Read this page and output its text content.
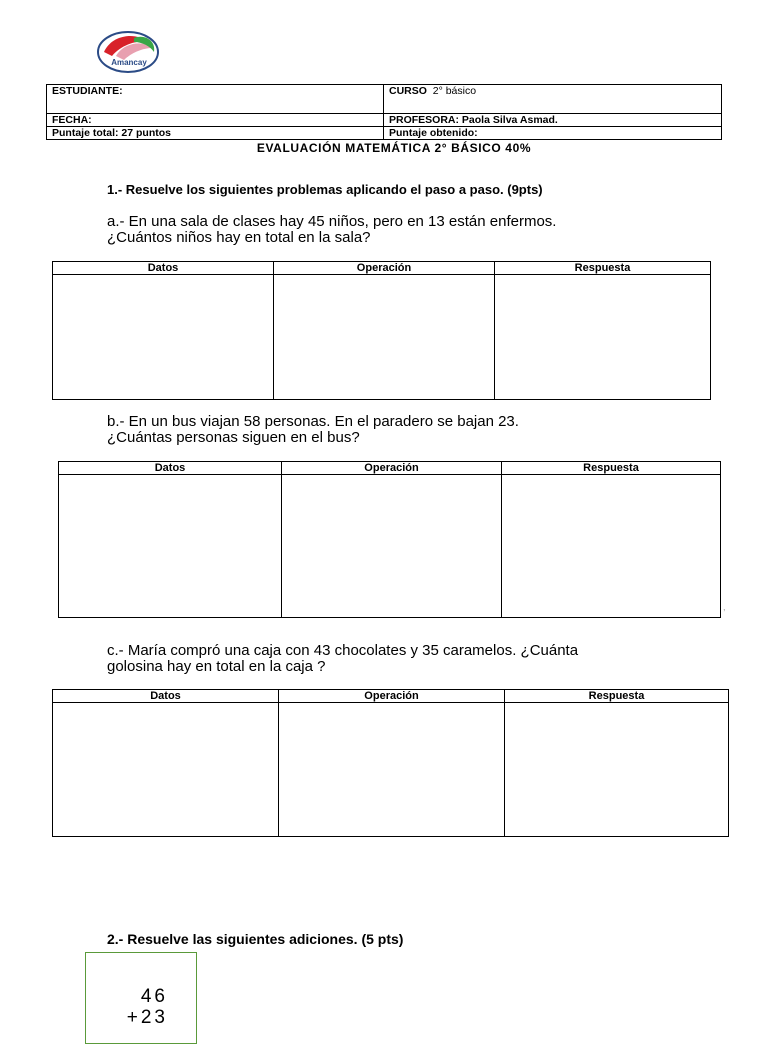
Amancay
ESTUDIANTE:	CURSO 2° básico
FECHA:	PROFESORA: Paola Silva Asmad.
Puntaje total: 27 puntos	Puntaje obtenido:
EVALUACIÓN MATEMÁTICA 2° BÁSICO 40%
1.- Resuelve los siguientes problemas aplicando el paso a paso. (9pts)
a.- En una sala de clases hay 45 niños, pero en 13 están enfermos.
¿Cuántos niños hay en total en la sala?
Datos	Operación	Respuesta

b.- En un bus viajan 58 personas. En el paradero se bajan 23.
¿Cuántas personas siguen en el bus?
Datos	Operación	Respuesta

,
c.- María compró una caja con 43 chocolates y 35 caramelos. ¿Cuánta
golosina hay en total en la caja ?
Datos	Operación	Respuesta

2.- Resuelve las siguientes adiciones. (5 pts)
46
+23
